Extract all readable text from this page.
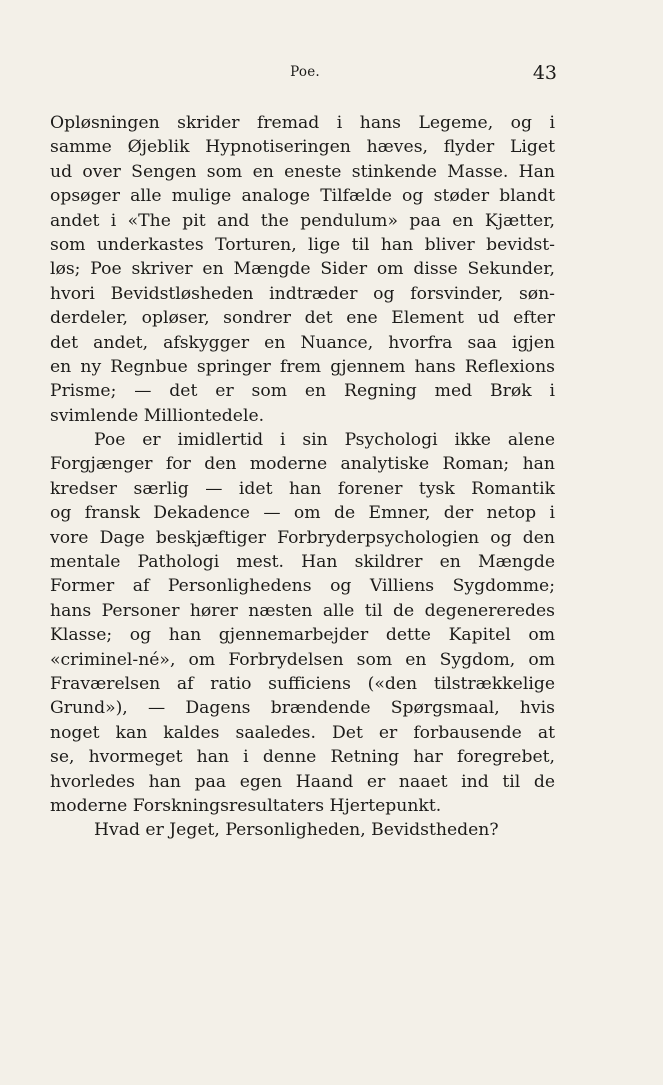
Poe.	43
Opløsningen skrider fremad i hans Legeme, og i
samme Øjeblik Hypnotiseringen hæves, flyder Liget
ud over Sengen som en eneste stinkende Masse. Han
opsøger alle mulige analoge Tilfælde og støder blandt
andet i «The pit and the pendulum» paa en Kjætter,
som underkastes Torturen, lige til han bliver bevidst-
løs; Poe skriver en Mængde Sider om disse Sekunder,
hvori Bevidstløsheden indtræder og forsvinder, søn-
derdeler, opløser, sondrer det ene Element ud efter
det andet, afskygger en Nuance, hvorfra saa igjen
en ny Regnbue springer frem gjennem hans Reflexions
Prisme; — det er som en Regning med Brøk i
svimlende Milliontedele.
Poe er imidlertid i sin Psychologi ikke alene
Forgjænger for den moderne analytiske Roman; han
kredser særlig — idet han forener tysk Romantik
og fransk Dekadence — om de Emner, der netop i
vore Dage beskjæftiger Forbryderpsychologien og den
mentale Pathologi mest. Han skildrer en Mængde
Former af Personlighedens og Villiens Sygdomme;
hans Personer hører næsten alle til de degenereredes
Klasse; og han gjennemarbejder dette Kapitel om
«criminel-né», om Forbrydelsen som en Sygdom, om
Fraværelsen af ratio sufficiens («den tilstrækkelige
Grund»), — Dagens brændende Spørgsmaal, hvis
noget kan kaldes saaledes. Det er forbausende at
se, hvormeget han i denne Retning har foregrebet,
hvorledes han paa egen Haand er naaet ind til de
moderne Forskningsresultaters Hjertepunkt.
Hvad er Jeget, Personligheden, Bevidstheden?
